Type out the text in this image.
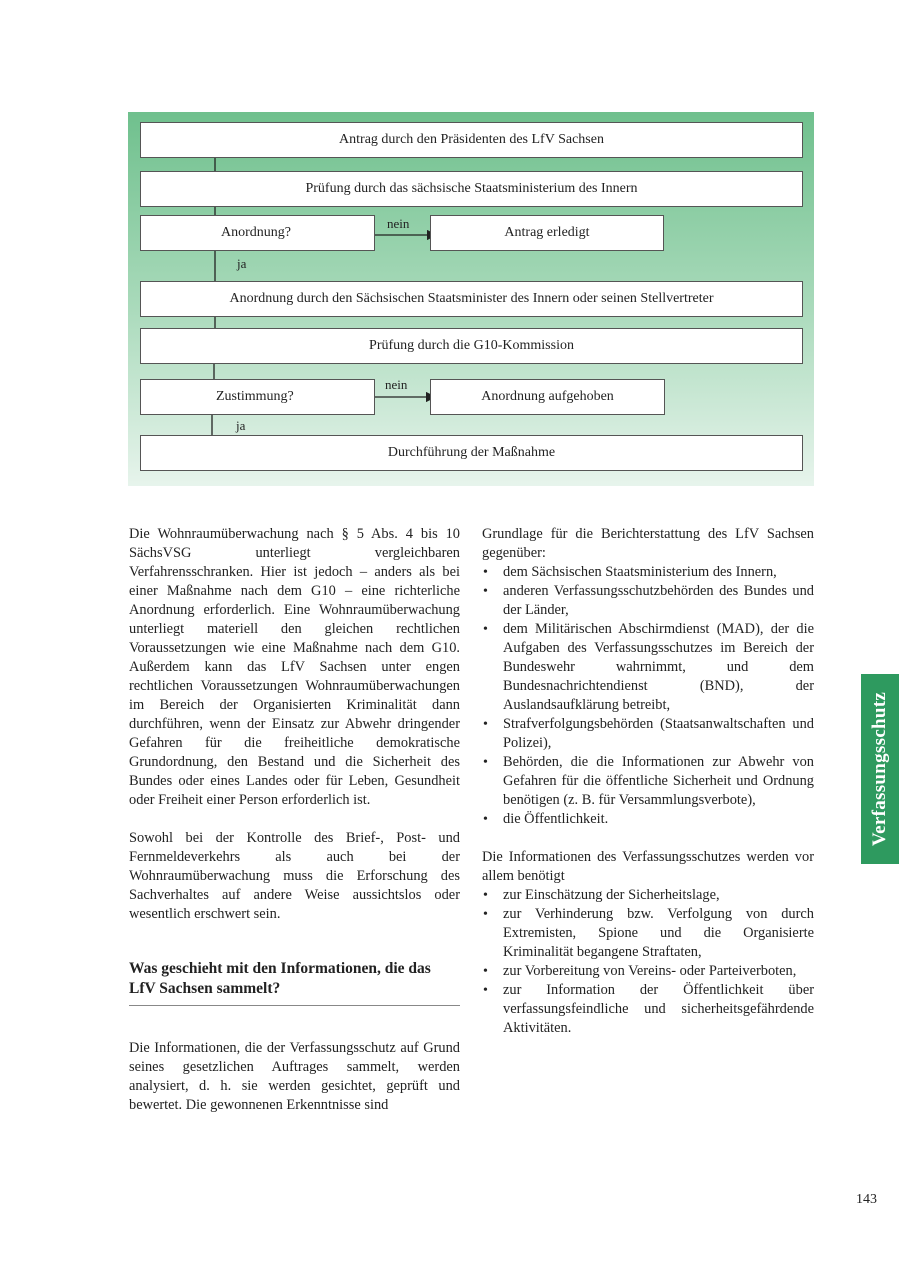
Antrag durch den Präsidenten des LfV Sachsen
Prüfung durch das sächsische Staatsministerium des Innern
Anordnung?
nein
Antrag erledigt
ja
Anordnung durch den Sächsischen Staatsminister des Innern oder seinen Stellvertreter
Prüfung durch die G10-Kommission
Zustimmung?
nein
Anordnung aufgehoben
ja
Durchführung der Maßnahme

Die Wohnraumüberwachung nach § 5 Abs. 4 bis 10 SächsVSG unterliegt vergleichbaren Verfahrensschranken. Hier ist jedoch – anders als bei einer Maßnahme nach dem G10 – eine richterliche Anordnung erforderlich. Eine Wohnraumüberwachung unterliegt materiell den gleichen rechtlichen Voraussetzungen wie eine Maßnahme nach dem G10. Außerdem kann das LfV Sachsen unter engen rechtlichen Voraussetzungen Wohnraumüberwachungen im Bereich der Organisierten Kriminalität dann durchführen, wenn der Einsatz zur Abwehr dringender Gefahren für die freiheitliche demokratische Grundordnung, den Bestand und die Sicherheit des Bundes oder eines Landes oder für Leben, Gesundheit oder Freiheit einer Person erforderlich ist.

Sowohl bei der Kontrolle des Brief-, Post- und Fernmeldeverkehrs als auch bei der Wohnraumüberwachung muss die Erforschung des Sachverhaltes auf andere Weise aussichtslos oder wesentlich erschwert sein.

Was geschieht mit den Informationen, die das LfV Sachsen sammelt?

Die Informationen, die der Verfassungsschutz auf Grund seines gesetzlichen Auftrages sammelt, werden analysiert, d. h. sie werden gesichtet, geprüft und bewertet. Die gewonnenen Erkenntnisse sind

Grundlage für die Berichterstattung des LfV Sachsen gegenüber:

• dem Sächsischen Staatsministerium des Innern,
• anderen Verfassungsschutzbehörden des Bundes und der Länder,
• dem Militärischen Abschirmdienst (MAD), der die Aufgaben des Verfassungsschutzes im Bereich der Bundeswehr wahrnimmt, und dem Bundesnachrichtendienst (BND), der Auslandsaufklärung betreibt,
• Strafverfolgungsbehörden (Staatsanwaltschaften und Polizei),
• Behörden, die die Informationen zur Abwehr von Gefahren für die öffentliche Sicherheit und Ordnung benötigen (z. B. für Versammlungsverbote),
• die Öffentlichkeit.

Die Informationen des Verfassungsschutzes werden vor allem benötigt

• zur Einschätzung der Sicherheitslage,
• zur Verhinderung bzw. Verfolgung von durch Extremisten, Spione und die Organisierte Kriminalität begangene Straftaten,
• zur Vorbereitung von Vereins- oder Parteiverboten,
• zur Information der Öffentlichkeit über verfassungsfeindliche und sicherheitsgefährdende Aktivitäten.
Verfassungsschutz
143
